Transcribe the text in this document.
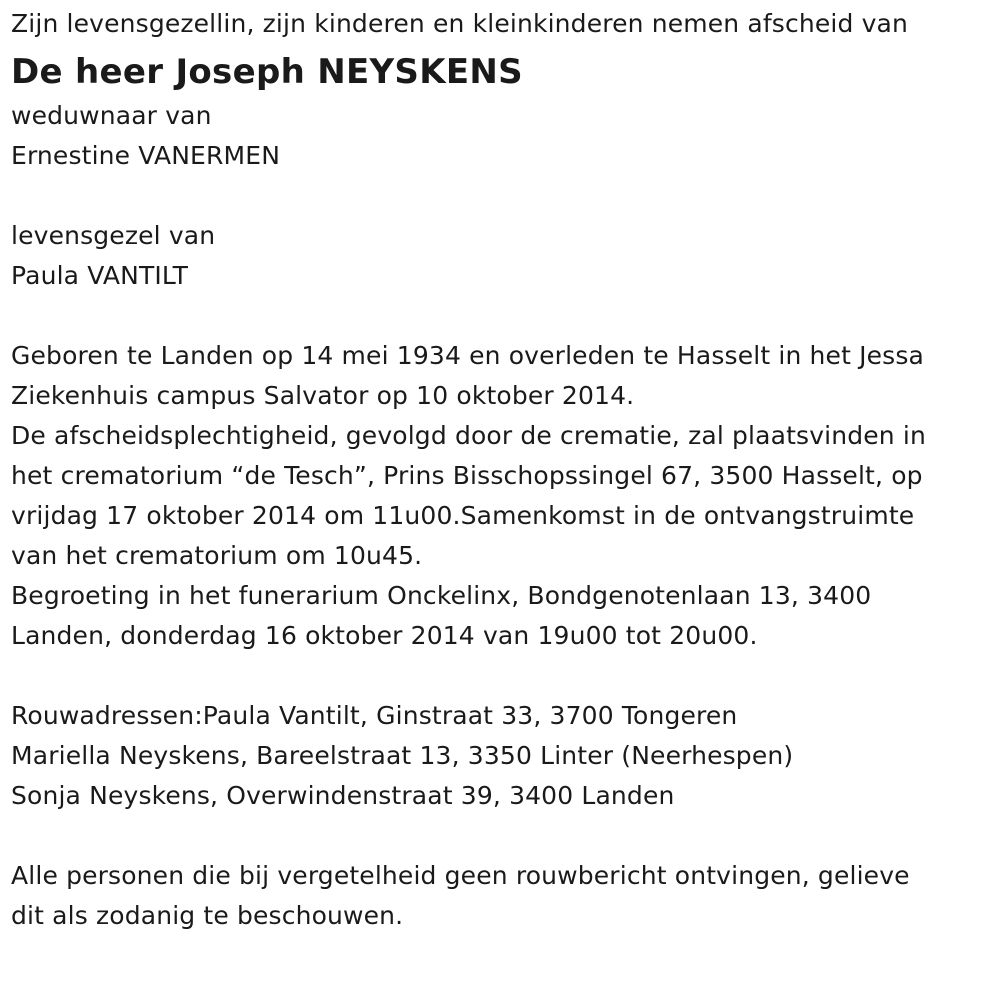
Zijn levensgezellin, zijn kinderen en kleinkinderen nemen afscheid van
De heer Joseph NEYSKENS
weduwnaar van
Ernestine VANERMEN
levensgezel van
Paula VANTILT
Geboren te Landen op 14 mei 1934 en overleden te Hasselt in het Jessa
Ziekenhuis campus Salvator op 10 oktober 2014.
De afscheidsplechtigheid, gevolgd door de crematie, zal plaatsvinden in
het crematorium “de Tesch”, Prins Bisschopssingel 67, 3500 Hasselt, op
vrijdag 17 oktober 2014 om 11u00.Samenkomst in de ontvangstruimte
van het crematorium om 10u45.
Begroeting in het funerarium Onckelinx, Bondgenotenlaan 13, 3400
Landen, donderdag 16 oktober 2014 van 19u00 tot 20u00.
Rouwadressen:Paula Vantilt, Ginstraat 33, 3700 Tongeren
Mariella Neyskens, Bareelstraat 13, 3350 Linter (Neerhespen)
Sonja Neyskens, Overwindenstraat 39, 3400 Landen
Alle personen die bij vergetelheid geen rouwbericht ontvingen, gelieve
dit als zodanig te beschouwen.
